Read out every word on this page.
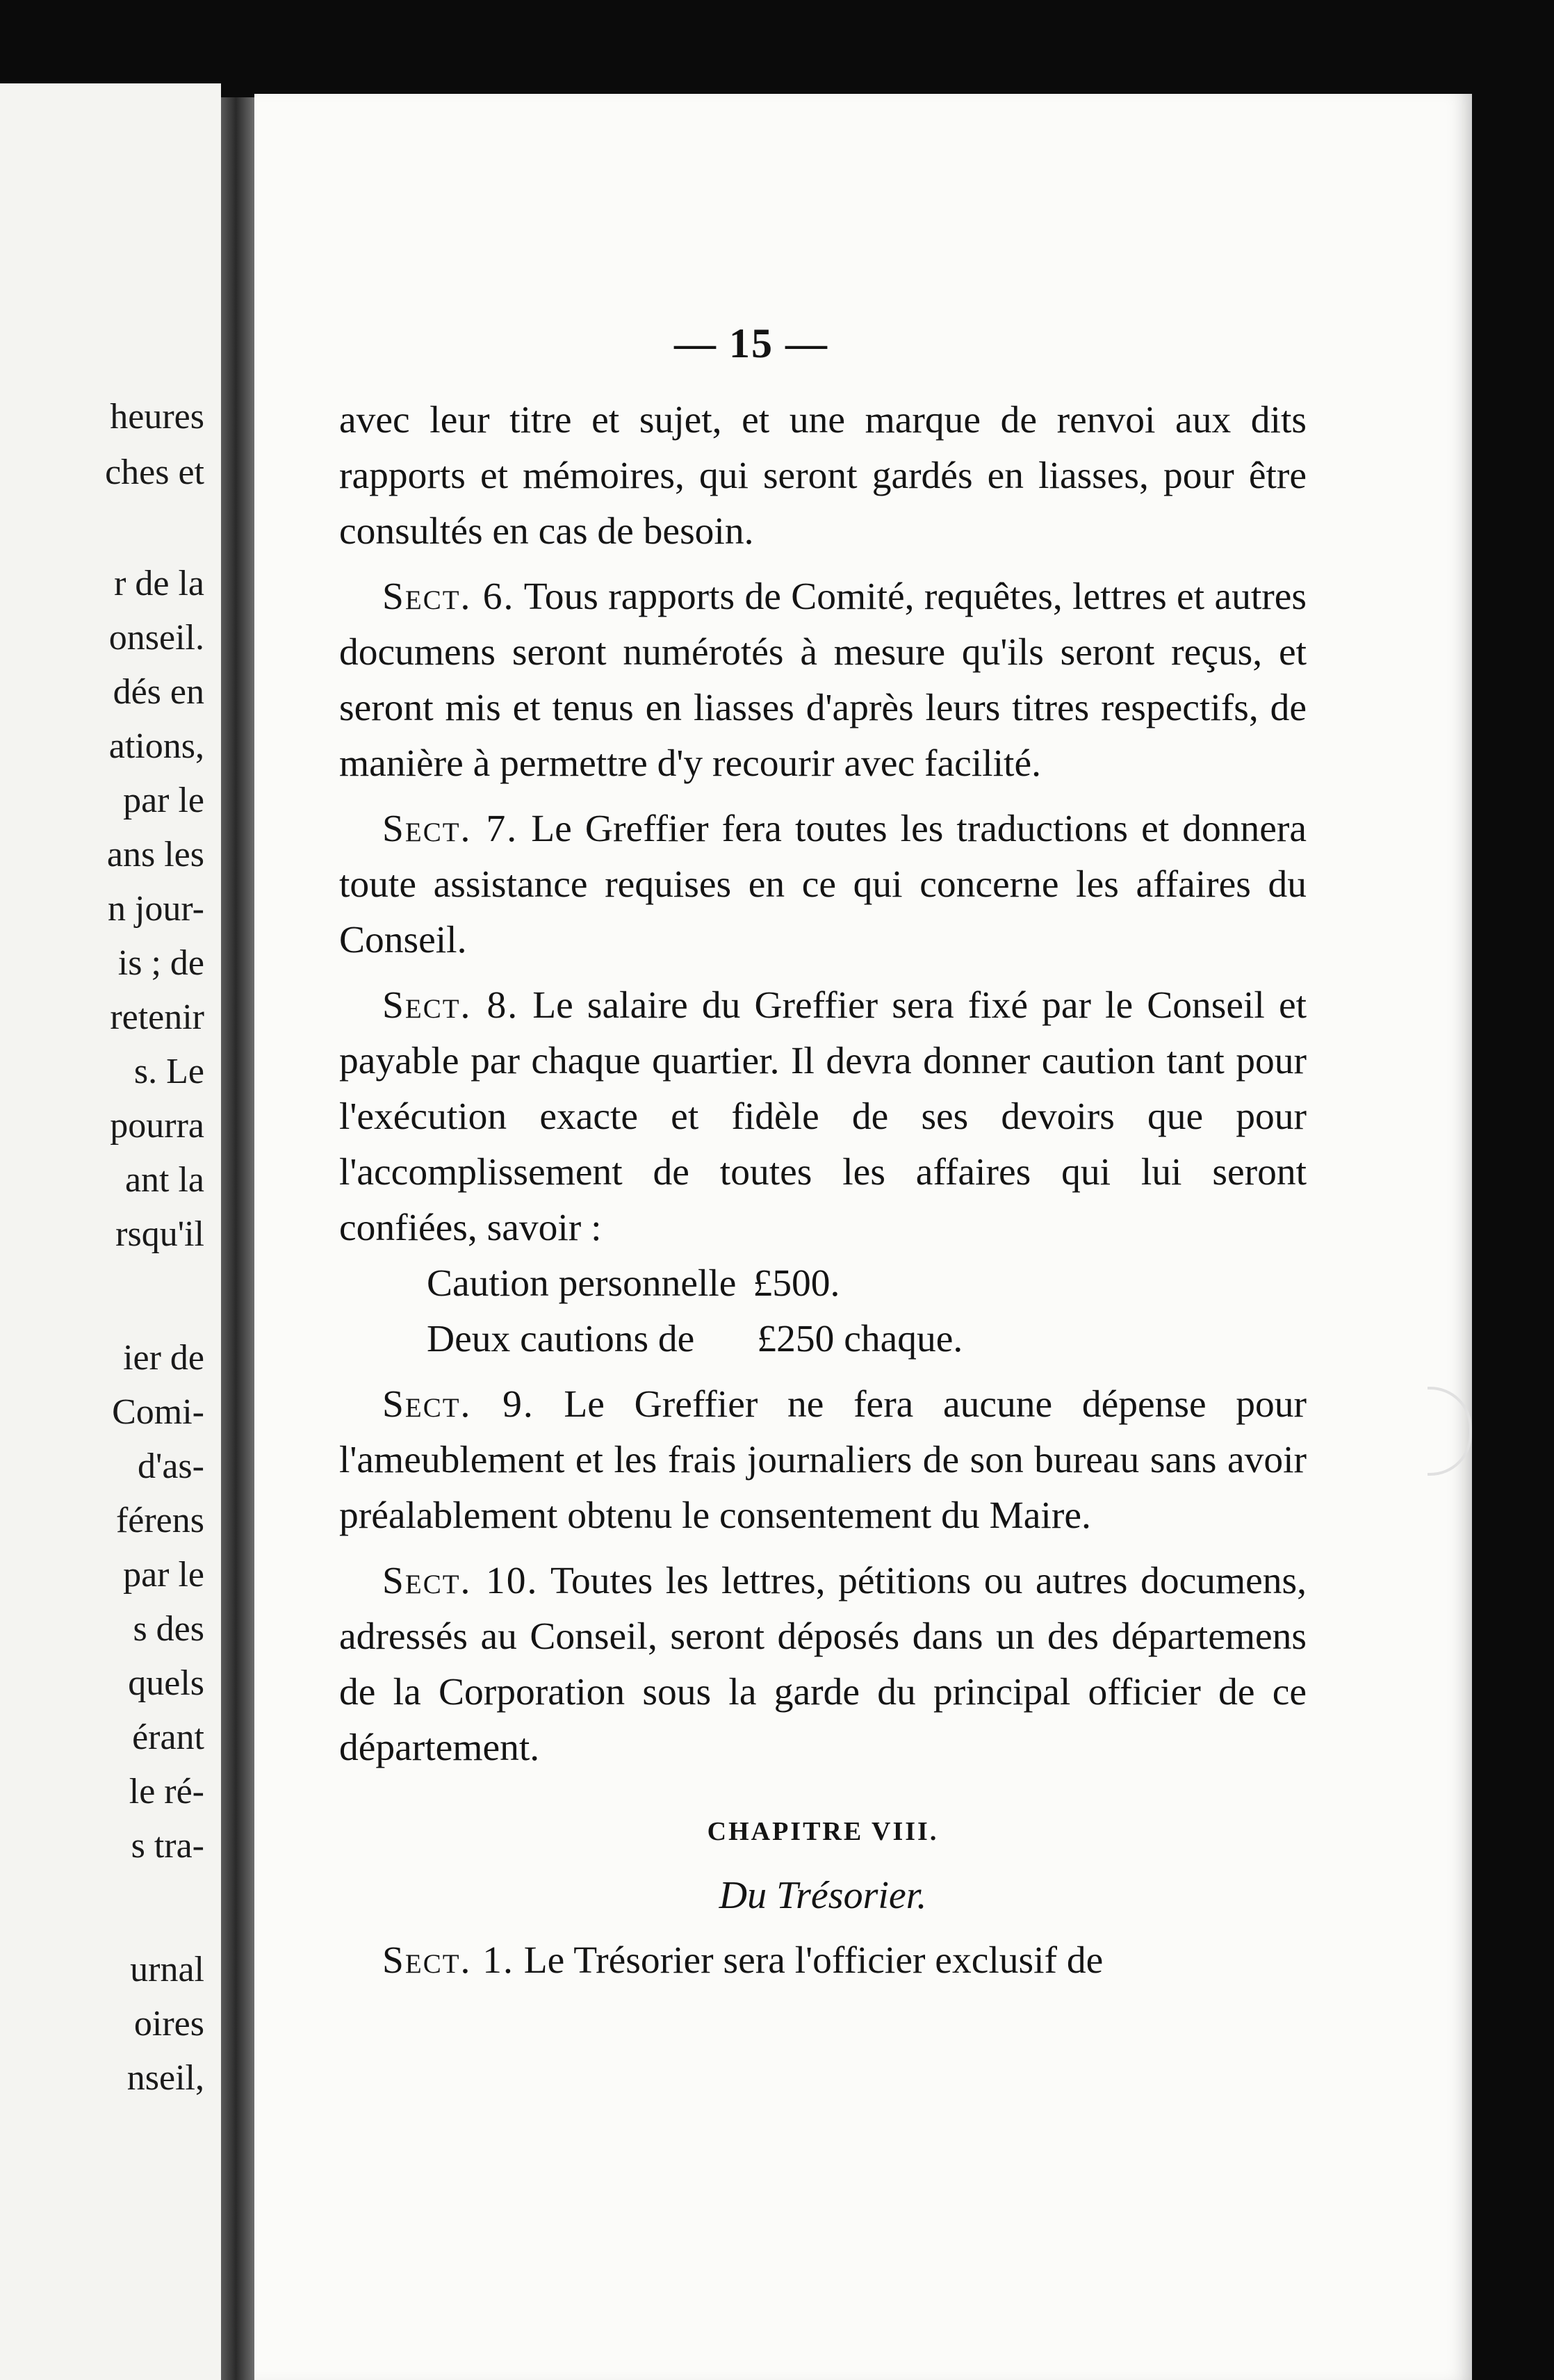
heures
ches et
r de la
onseil.
dés en
ations,
par le
ans les
n jour-
is ; de
retenir
s. Le
pourra
ant la
rsqu'il
ier de
Comi-
d'as-
férens
par le
s des
quels
érant
le ré-
s tra-
urnal
oires
nseil,
— 15 —

avec leur titre et sujet, et une marque de renvoi aux dits rapports et mémoires, qui seront gardés en liasses, pour être consultés en cas de besoin.

Sect. 6. Tous rapports de Comité, requêtes, lettres et autres documens seront numérotés à mesure qu'ils seront reçus, et seront mis et tenus en liasses d'après leurs titres respectifs, de manière à permettre d'y recourir avec facilité.

Sect. 7. Le Greffier fera toutes les traductions et donnera toute assistance requises en ce qui concerne les affaires du Conseil.

Sect. 8. Le salaire du Greffier sera fixé par le Conseil et payable par chaque quartier. Il devra donner caution tant pour l'exécution exacte et fidèle de ses devoirs que pour l'accomplissement de toutes les affaires qui lui seront confiées, savoir :

Caution personnelle £500.

Deux cautions de £250 chaque.

Sect. 9. Le Greffier ne fera aucune dépense pour l'ameublement et les frais journaliers de son bureau sans avoir préalablement obtenu le consentement du Maire.

Sect. 10. Toutes les lettres, pétitions ou autres documens, adressés au Conseil, seront déposés dans un des départemens de la Corporation sous la garde du principal officier de ce département.

CHAPITRE VIII.

Du Trésorier.

Sect. 1. Le Trésorier sera l'officier exclusif de
